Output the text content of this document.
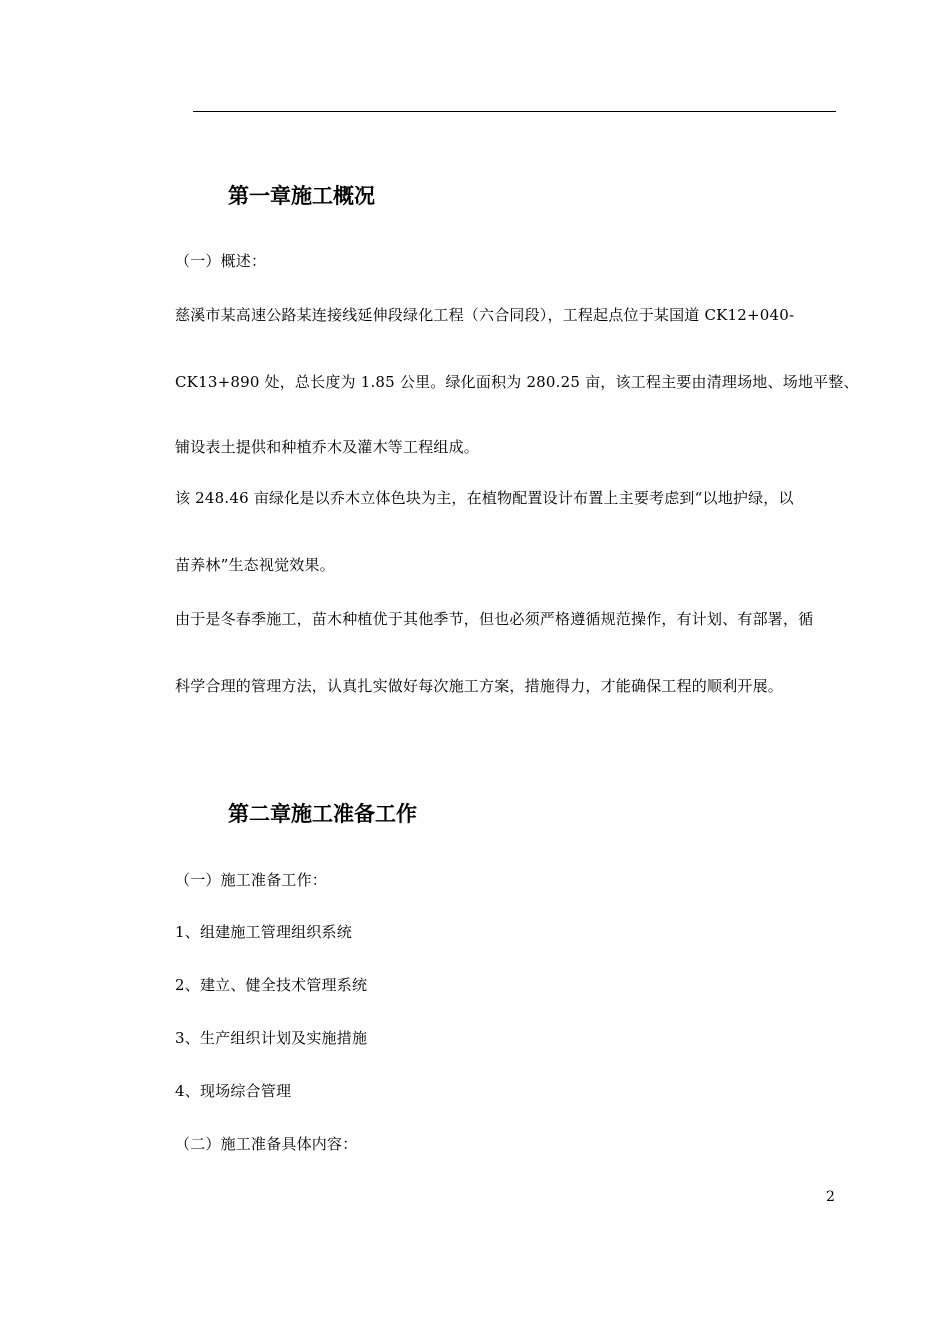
第一章施工概况
（一）概述：
慈溪市某高速公路某连接线延伸段绿化工程（六合同段），工程起点位于某国道 CK12+040-
CK13+890 处，总长度为 1.85 公里。绿化面积为 280.25 亩，该工程主要由清理场地、场地平整、
铺设表土提供和种植乔木及灌木等工程组成。
该 248.46 亩绿化是以乔木立体色块为主，在植物配置设计布置上主要考虑到“以地护绿，以
苗养林”生态视觉效果。
由于是冬春季施工，苗木种植优于其他季节，但也必须严格遵循规范操作，有计划、有部署，循
科学合理的管理方法，认真扎实做好每次施工方案，措施得力，才能确保工程的顺利开展。
第二章施工准备工作
（一）施工准备工作：
1、组建施工管理组织系统
2、建立、健全技术管理系统
3、生产组织计划及实施措施
4、现场综合管理
（二）施工准备具体内容：
2
